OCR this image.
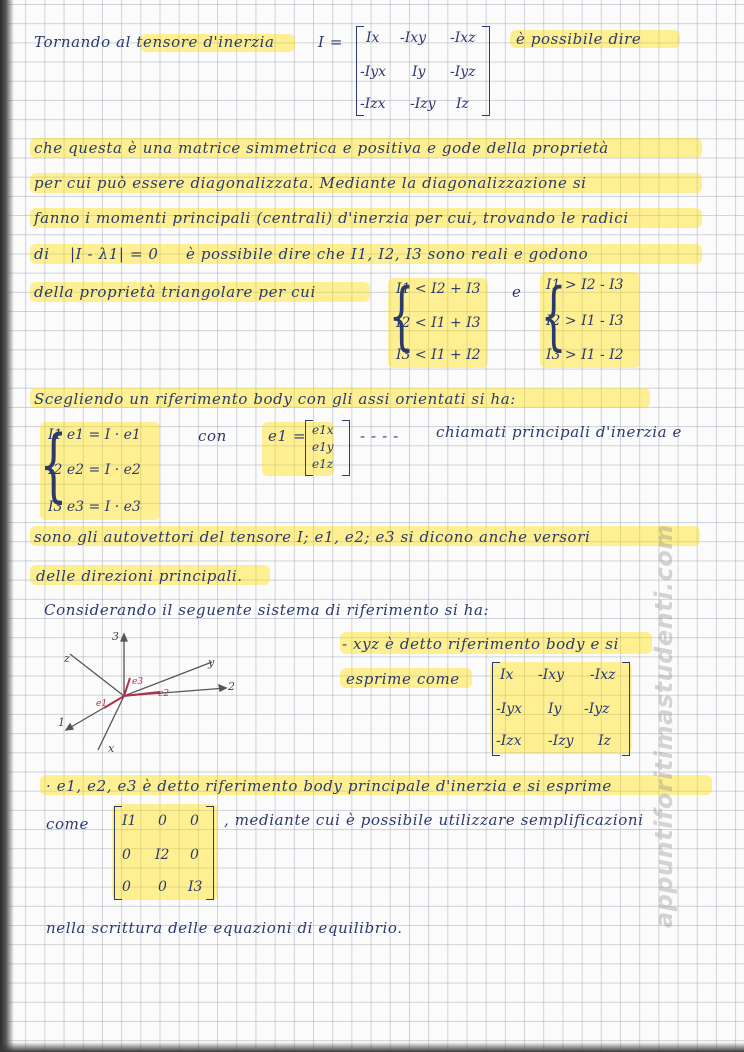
Tornando al tensore d'inerzia	I = Ix -Ixy -Ixz
-Iyx Iy -Iyz
-Izx -Izy Iz
è possibile dire
che questa è una matrice simmetrica e positiva e gode della proprietà
per cui può essere diagonalizzata. Mediante la diagonalizzazione si
fanno i momenti principali (centrali) d'inerzia per cui, trovando le radici
di |I - λ1| = 0 è possibile dire che I1, I2, I3 sono reali e godono
della proprietà triangolare per cui {
I1 < I2 + I3
I2 < I1 + I3
I3 < I1 + I2
e {
I1 > I2 - I3
I2 > I1 - I3
I3 > I1 - I2
Scegliendo un riferimento body con gli assi orientati si ha:
{
I1 e1 = I · e1
I2 e2 = I · e2
I3 e3 = I · e3
con	e1 = e1x
e1y
e1z
- - - - chiamati principali d'inerzia e
sono gli autovettori del tensore I; e1, e2; e3 si dicono anche versori
delle direzioni principali.
Considerando il seguente sistema di riferimento si ha:
3
z	y
2
1
x
e3
e2
e1
- xyz è detto riferimento body e si
esprime come	Ix -Ixy -Ixz
-Iyx Iy -Iyz
-Izx -Izy Iz
· e1, e2, e3 è detto riferimento body principale d'inerzia e si esprime
come I1 0 0
0 I2 0
0 0 I3
, mediante cui è possibile utilizzare semplificazioni
nella scrittura delle equazioni di equilibrio.	appuntiforitimastudenti.com
